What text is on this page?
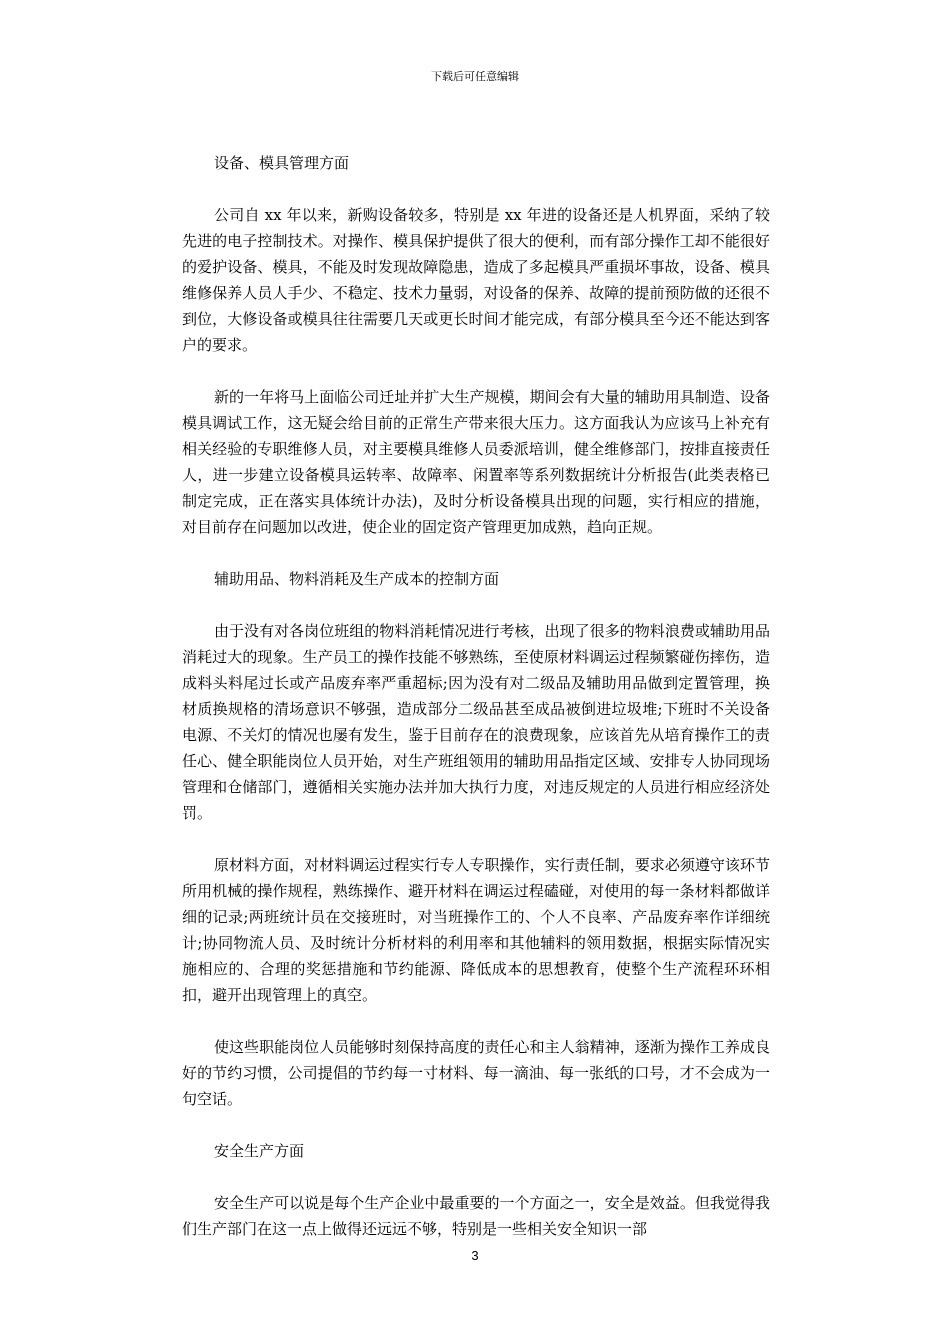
下载后可任意编辑

设备、模具管理方面

公司自 xx 年以来，新购设备较多，特别是 xx 年进的设备还是人机界面，采纳了较先进的电子控制技术。对操作、模具保护提供了很大的便利，而有部分操作工却不能很好的爱护设备、模具，不能及时发现故障隐患，造成了多起模具严重损坏事故，设备、模具维修保养人员人手少、不稳定、技术力量弱，对设备的保养、故障的提前预防做的还很不到位，大修设备或模具往往需要几天或更长时间才能完成，有部分模具至今还不能达到客户的要求。

新的一年将马上面临公司迁址并扩大生产规模，期间会有大量的辅助用具制造、设备模具调试工作，这无疑会给目前的正常生产带来很大压力。这方面我认为应该马上补充有相关经验的专职维修人员，对主要模具维修人员委派培训，健全维修部门，按排直接责任人，进一步建立设备模具运转率、故障率、闲置率等系列数据统计分析报告(此类表格已制定完成，正在落实具体统计办法)，及时分析设备模具出现的问题，实行相应的措施，对目前存在问题加以改进，使企业的固定资产管理更加成熟，趋向正规。

辅助用品、物料消耗及生产成本的控制方面

由于没有对各岗位班组的物料消耗情况进行考核，出现了很多的物料浪费或辅助用品消耗过大的现象。生产员工的操作技能不够熟练，至使原材料调运过程频繁碰伤摔伤，造成料头料尾过长或产品废弃率严重超标;因为没有对二级品及辅助用品做到定置管理，换材质换规格的清场意识不够强，造成部分二级品甚至成品被倒进垃圾堆;下班时不关设备电源、不关灯的情况也屡有发生，鉴于目前存在的浪费现象，应该首先从培育操作工的责任心、健全职能岗位人员开始，对生产班组领用的辅助用品指定区域、安排专人协同现场管理和仓储部门，遵循相关实施办法并加大执行力度，对违反规定的人员进行相应经济处罚。

原材料方面，对材料调运过程实行专人专职操作，实行责任制，要求必须遵守该环节所用机械的操作规程，熟练操作、避开材料在调运过程磕碰，对使用的每一条材料都做详细的记录;两班统计员在交接班时，对当班操作工的、个人不良率、产品废弃率作详细统计;协同物流人员、及时统计分析材料的利用率和其他辅料的领用数据，根据实际情况实施相应的、合理的奖惩措施和节约能源、降低成本的思想教育，使整个生产流程环环相扣，避开出现管理上的真空。

使这些职能岗位人员能够时刻保持高度的责任心和主人翁精神，逐渐为操作工养成良好的节约习惯，公司提倡的节约每一寸材料、每一滴油、每一张纸的口号，才不会成为一句空话。

安全生产方面

安全生产可以说是每个生产企业中最重要的一个方面之一，安全是效益。但我觉得我们生产部门在这一点上做得还远远不够，特别是一些相关安全知识一部

3
